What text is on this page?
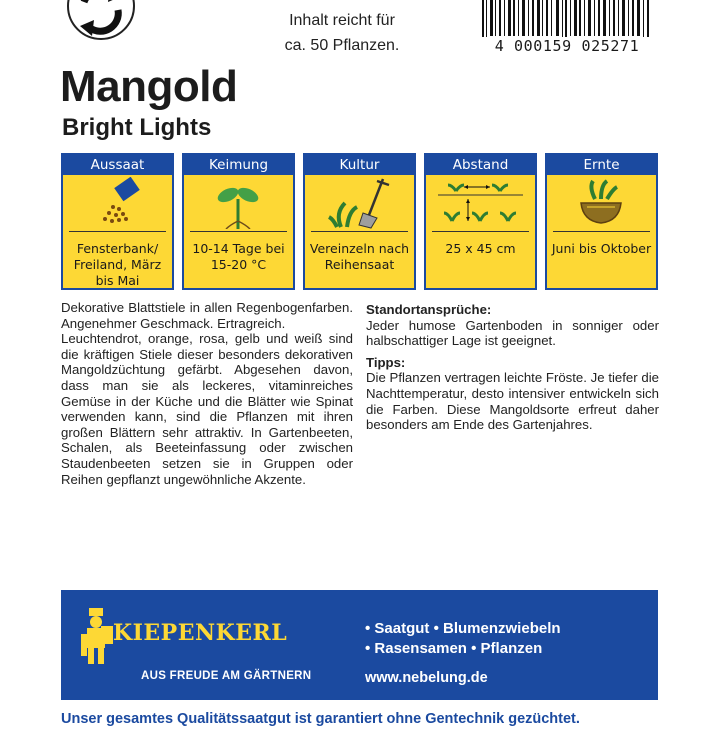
Inhalt reicht für
ca. 50 Pflanzen.	4 000159 025271
Mangold
Bright Lights
Aussaat
Fensterbank/ Freiland, März bis Mai
Keimung
10-14 Tage bei 15-20 °C
Kultur
Vereinzeln nach Reihensaat
Abstand
25 x 45 cm
Ernte
Juni bis Oktober

Dekorative Blattstiele in allen Regenbogenfarben. Angenehmer Geschmack. Ertragreich.

Leuchtendrot, orange, rosa, gelb und weiß sind die kräftigen Stiele dieser besonders dekorativen Mangoldzüchtung gefärbt. Abgesehen davon, dass man sie als leckeres, vitaminreiches Gemüse in der Küche und die Blätter wie Spinat verwenden kann, sind die Pflanzen mit ihren großen Blättern sehr attraktiv. In Gartenbeeten, Schalen, als Beeteinfassung oder zwischen Staudenbeeten setzen sie in Gruppen oder Reihen gepflanzt ungewöhnliche Akzente.

Standortansprüche:

Jeder humose Gartenboden in sonniger oder halbschattiger Lage ist geeignet.

Tipps:

Die Pflanzen vertragen leichte Fröste. Je tiefer die Nachttemperatur, desto intensiver entwickeln sich die Farben. Diese Mangoldsorte erfreut daher besonders am Ende des Gartenjahres.

KIEPENKERL
AUS FREUDE AM GÄRTNERN
• Saatgut • Blumenzwiebeln
• Rasensamen • Pflanzen
www.nebelung.de
Unser gesamtes Qualitätssaatgut ist garantiert ohne Gentechnik gezüchtet.
